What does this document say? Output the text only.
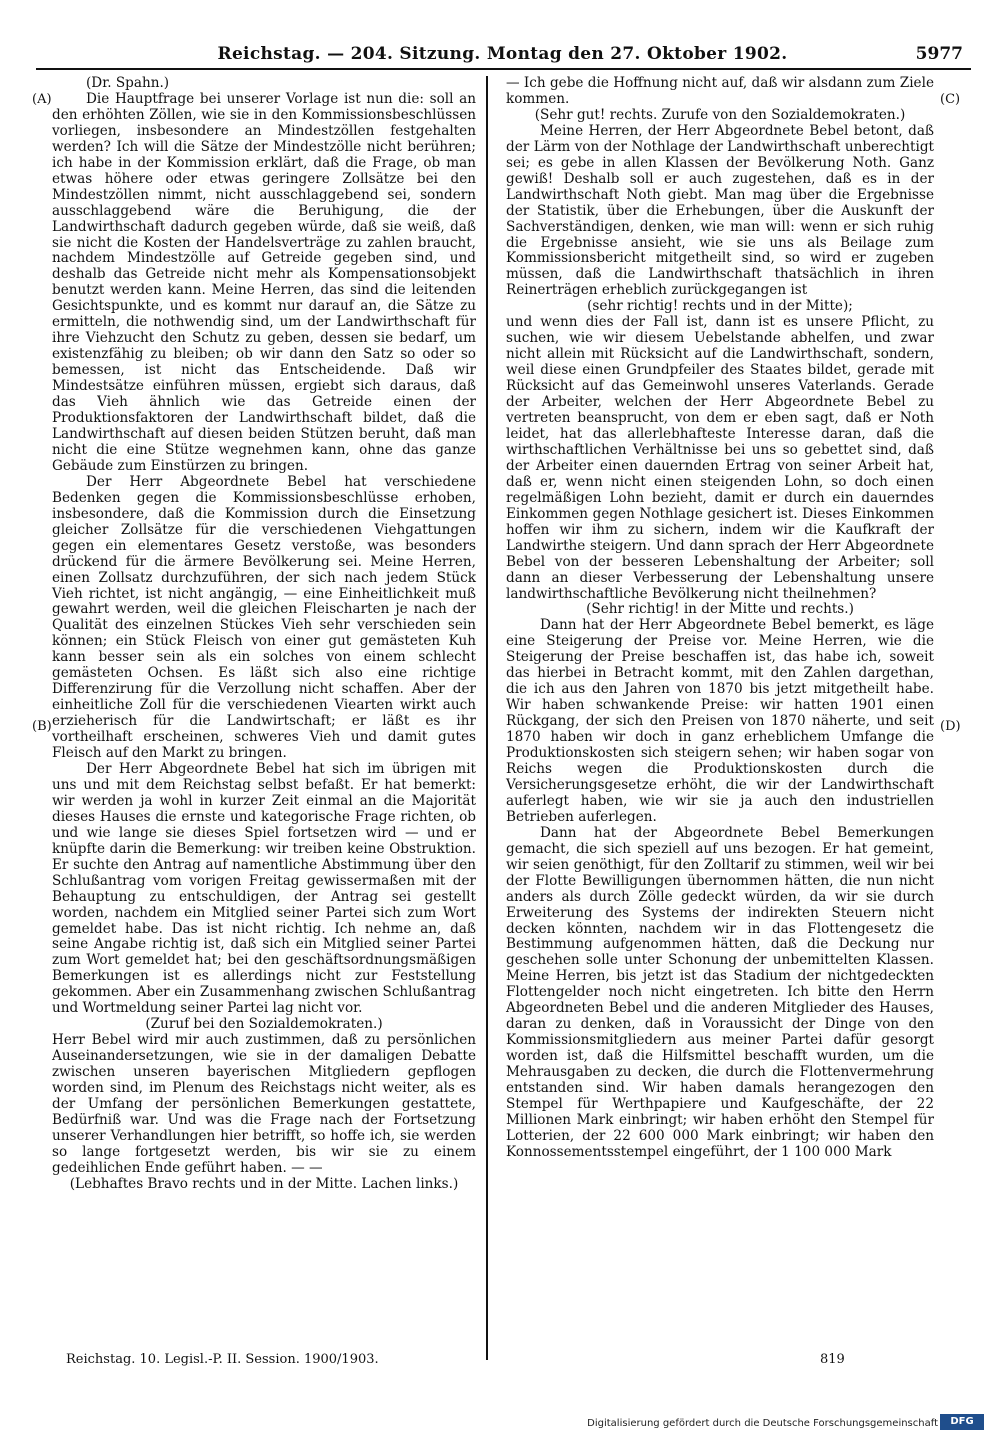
Reichstag. — 204. Sitzung. Montag den 27. Oktober 1902.	5977
(A)
(B)
(C)
(D)

(Dr. Spahn.)

Die Hauptfrage bei unserer Vorlage ist nun die: soll an den erhöhten Zöllen, wie sie in den Kommissionsbeschlüssen vorliegen, insbesondere an Mindestzöllen festgehalten werden? Ich will die Sätze der Mindestzölle nicht berühren; ich habe in der Kommission erklärt, daß die Frage, ob man etwas höhere oder etwas geringere Zollsätze bei den Mindestzöllen nimmt, nicht ausschlaggebend sei, sondern ausschlaggebend wäre die Beruhigung, die der Landwirthschaft dadurch gegeben würde, daß sie weiß, daß sie nicht die Kosten der Handelsverträge zu zahlen braucht, nachdem Mindestzölle auf Getreide gegeben sind, und deshalb das Getreide nicht mehr als Kompensationsobjekt benutzt werden kann. Meine Herren, das sind die leitenden Gesichtspunkte, und es kommt nur darauf an, die Sätze zu ermitteln, die nothwendig sind, um der Landwirthschaft für ihre Viehzucht den Schutz zu geben, dessen sie bedarf, um existenzfähig zu bleiben; ob wir dann den Satz so oder so bemessen, ist nicht das Entscheidende. Daß wir Mindestsätze einführen müssen, ergiebt sich daraus, daß das Vieh ähnlich wie das Getreide einen der Produktionsfaktoren der Landwirthschaft bildet, daß die Landwirthschaft auf diesen beiden Stützen beruht, daß man nicht die eine Stütze wegnehmen kann, ohne das ganze Gebäude zum Einstürzen zu bringen.

Der Herr Abgeordnete Bebel hat verschiedene Bedenken gegen die Kommissionsbeschlüsse erhoben, insbesondere, daß die Kommission durch die Einsetzung gleicher Zollsätze für die verschiedenen Viehgattungen gegen ein elementares Gesetz verstoße, was besonders drückend für die ärmere Bevölkerung sei. Meine Herren, einen Zollsatz durchzuführen, der sich nach jedem Stück Vieh richtet, ist nicht angängig, — eine Einheitlichkeit muß gewahrt werden, weil die gleichen Fleischarten je nach der Qualität des einzelnen Stückes Vieh sehr verschieden sein können; ein Stück Fleisch von einer gut gemästeten Kuh kann besser sein als ein solches von einem schlecht gemästeten Ochsen. Es läßt sich also eine richtige Differenzirung für die Verzollung nicht schaffen. Aber der einheitliche Zoll für die verschiedenen Viearten wirkt auch erzieherisch für die Landwirtschaft; er läßt es ihr vortheilhaft erscheinen, schweres Vieh und damit gutes Fleisch auf den Markt zu bringen.

Der Herr Abgeordnete Bebel hat sich im übrigen mit uns und mit dem Reichstag selbst befaßt. Er hat bemerkt: wir werden ja wohl in kurzer Zeit einmal an die Majorität dieses Hauses die ernste und kategorische Frage richten, ob und wie lange sie dieses Spiel fortsetzen wird — und er knüpfte darin die Bemerkung: wir treiben keine Obstruktion. Er suchte den Antrag auf namentliche Abstimmung über den Schlußantrag vom vorigen Freitag gewissermaßen mit der Behauptung zu entschuldigen, der Antrag sei gestellt worden, nachdem ein Mitglied seiner Partei sich zum Wort gemeldet habe. Das ist nicht richtig. Ich nehme an, daß seine Angabe richtig ist, daß sich ein Mitglied seiner Partei zum Wort gemeldet hat; bei den geschäftsordnungsmäßigen Bemerkungen ist es allerdings nicht zur Feststellung gekommen. Aber ein Zusammenhang zwischen Schlußantrag und Wortmeldung seiner Partei lag nicht vor.

(Zuruf bei den Sozialdemokraten.)

Herr Bebel wird mir auch zustimmen, daß zu persönlichen Auseinandersetzungen, wie sie in der damaligen Debatte zwischen unseren bayerischen Mitgliedern gepflogen worden sind, im Plenum des Reichstags nicht weiter, als es der Umfang der persönlichen Bemerkungen gestattete, Bedürfniß war. Und was die Frage nach der Fortsetzung unserer Verhandlungen hier betrifft, so hoffe ich, sie werden so lange fortgesetzt werden, bis wir sie zu einem gedeihlichen Ende geführt haben. — —

(Lebhaftes Bravo rechts und in der Mitte. Lachen links.)

— Ich gebe die Hoffnung nicht auf, daß wir alsdann zum Ziele kommen.

(Sehr gut! rechts. Zurufe von den Sozialdemokraten.)

Meine Herren, der Herr Abgeordnete Bebel betont, daß der Lärm von der Nothlage der Landwirthschaft unberechtigt sei; es gebe in allen Klassen der Bevölkerung Noth. Ganz gewiß! Deshalb soll er auch zugestehen, daß es in der Landwirthschaft Noth giebt. Man mag über die Ergebnisse der Statistik, über die Erhebungen, über die Auskunft der Sachverständigen, denken, wie man will: wenn er sich ruhig die Ergebnisse ansieht, wie sie uns als Beilage zum Kommissionsbericht mitgetheilt sind, so wird er zugeben müssen, daß die Landwirthschaft thatsächlich in ihren Reinerträgen erheblich zurückgegangen ist

(sehr richtig! rechts und in der Mitte);

und wenn dies der Fall ist, dann ist es unsere Pflicht, zu suchen, wie wir diesem Uebelstande abhelfen, und zwar nicht allein mit Rücksicht auf die Landwirthschaft, sondern, weil diese einen Grundpfeiler des Staates bildet, gerade mit Rücksicht auf das Gemeinwohl unseres Vaterlands. Gerade der Arbeiter, welchen der Herr Abgeordnete Bebel zu vertreten beansprucht, von dem er eben sagt, daß er Noth leidet, hat das allerlebhafteste Interesse daran, daß die wirthschaftlichen Verhältnisse bei uns so gebettet sind, daß der Arbeiter einen dauernden Ertrag von seiner Arbeit hat, daß er, wenn nicht einen steigenden Lohn, so doch einen regelmäßigen Lohn bezieht, damit er durch ein dauerndes Einkommen gegen Nothlage gesichert ist. Dieses Einkommen hoffen wir ihm zu sichern, indem wir die Kaufkraft der Landwirthe steigern. Und dann sprach der Herr Abgeordnete Bebel von der besseren Lebenshaltung der Arbeiter; soll dann an dieser Verbesserung der Lebenshaltung unsere landwirthschaftliche Bevölkerung nicht theilnehmen?

(Sehr richtig! in der Mitte und rechts.)

Dann hat der Herr Abgeordnete Bebel bemerkt, es läge eine Steigerung der Preise vor. Meine Herren, wie die Steigerung der Preise beschaffen ist, das habe ich, soweit das hierbei in Betracht kommt, mit den Zahlen dargethan, die ich aus den Jahren von 1870 bis jetzt mitgetheilt habe. Wir haben schwankende Preise: wir hatten 1901 einen Rückgang, der sich den Preisen von 1870 näherte, und seit 1870 haben wir doch in ganz erheblichem Umfange die Produktionskosten sich steigern sehen; wir haben sogar von Reichs wegen die Produktionskosten durch die Versicherungsgesetze erhöht, die wir der Landwirthschaft auferlegt haben, wie wir sie ja auch den industriellen Betrieben auferlegen.

Dann hat der Abgeordnete Bebel Bemerkungen gemacht, die sich speziell auf uns bezogen. Er hat gemeint, wir seien genöthigt, für den Zolltarif zu stimmen, weil wir bei der Flotte Bewilligungen übernommen hätten, die nun nicht anders als durch Zölle gedeckt würden, da wir sie durch Erweiterung des Systems der indirekten Steuern nicht decken könnten, nachdem wir in das Flottengesetz die Bestimmung aufgenommen hätten, daß die Deckung nur geschehen solle unter Schonung der unbemittelten Klassen. Meine Herren, bis jetzt ist das Stadium der nichtgedeckten Flottengelder noch nicht eingetreten. Ich bitte den Herrn Abgeordneten Bebel und die anderen Mitglieder des Hauses, daran zu denken, daß in Voraussicht der Dinge von den Kommissionsmitgliedern aus meiner Partei dafür gesorgt worden ist, daß die Hilfsmittel beschafft wurden, um die Mehrausgaben zu decken, die durch die Flottenvermehrung entstanden sind. Wir haben damals herangezogen den Stempel für Werthpapiere und Kaufgeschäfte, der 22 Millionen Mark einbringt; wir haben erhöht den Stempel für Lotterien, der 22 600 000 Mark einbringt; wir haben den Konnossementsstempel eingeführt, der 1 100 000 Mark

Reichstag. 10. Legisl.-P. II. Session. 1900/1903.	819
Digitalisierung gefördert durch die Deutsche Forschungsgemeinschaft	DFG
